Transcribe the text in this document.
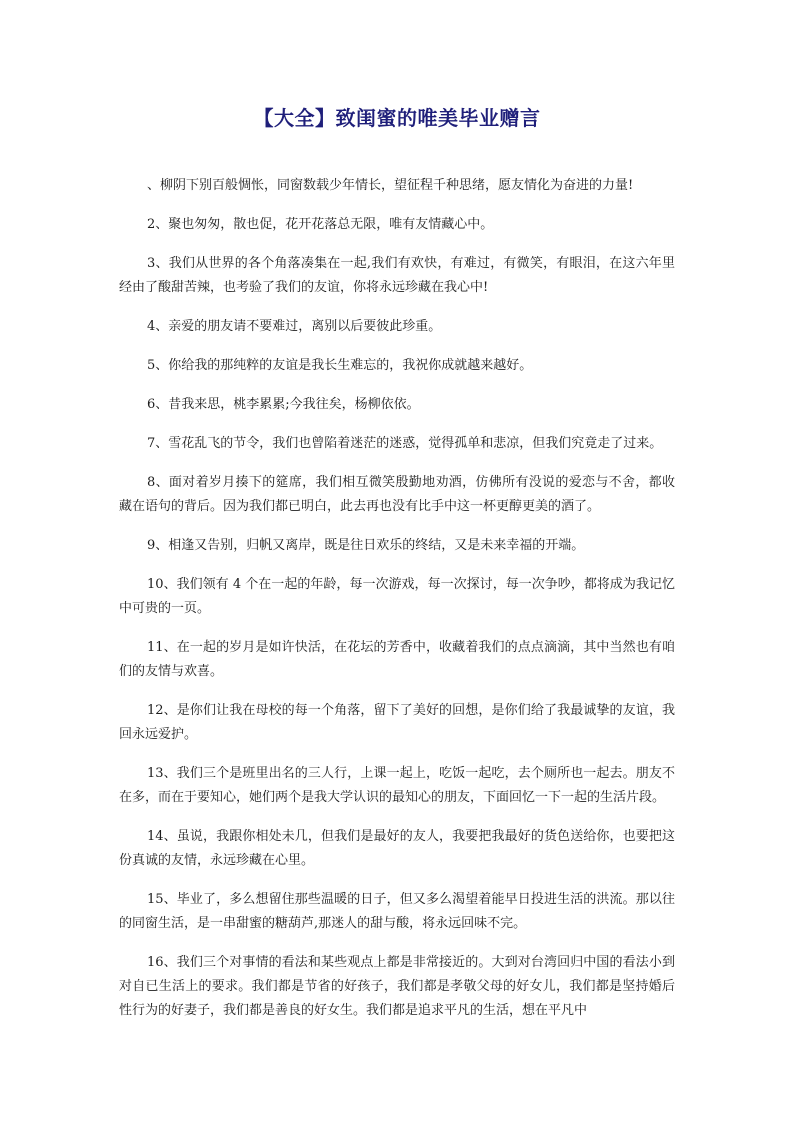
【大全】致闺蜜的唯美毕业赠言

、柳阴下别百般惆怅，同窗数载少年情长，望征程千种思绪，愿友情化为奋进的力量!

2、聚也匆匆，散也促，花开花落总无限，唯有友情藏心中。

3、我们从世界的各个角落凑集在一起,我们有欢快，有难过，有微笑，有眼泪，在这六年里经由了酸甜苦辣，也考验了我们的友谊，你将永远珍藏在我心中!

4、亲爱的朋友请不要难过，离别以后要彼此珍重。

5、你给我的那纯粹的友谊是我长生难忘的，我祝你成就越来越好。

6、昔我来思，桃李累累;今我往矣，杨柳依依。

7、雪花乱飞的节令，我们也曾陷着迷茫的迷惑，觉得孤单和悲凉，但我们究竟走了过来。

8、面对着岁月揍下的筵席，我们相互微笑殷勤地劝酒，仿佛所有没说的爱恋与不舍，都收藏在语句的背后。因为我们都已明白，此去再也没有比手中这一杯更醇更美的酒了。

9、相逢又告别，归帆又离岸，既是往日欢乐的终结，又是未来幸福的开端。

10、我们领有 4 个在一起的年龄，每一次游戏，每一次探讨，每一次争吵，都将成为我记忆中可贵的一页。

11、在一起的岁月是如许快活，在花坛的芳香中，收藏着我们的点点滴滴，其中当然也有咱们的友情与欢喜。

12、是你们让我在母校的每一个角落，留下了美好的回想，是你们给了我最诚挚的友谊，我回永远爱护。

13、我们三个是班里出名的三人行，上课一起上，吃饭一起吃，去个厕所也一起去。朋友不在多，而在于要知心，她们两个是我大学认识的最知心的朋友，下面回忆一下一起的生活片段。

14、虽说，我跟你相处未几，但我们是最好的友人，我要把我最好的货色送给你，也要把这份真诚的友情，永远珍藏在心里。

15、毕业了，多么想留住那些温暖的日子，但又多么渴望着能早日投进生活的洪流。那以往的同窗生活，是一串甜蜜的糖葫芦,那迷人的甜与酸，将永远回味不完。

16、我们三个对事情的看法和某些观点上都是非常接近的。大到对台湾回归中国的看法小到对自已生活上的要求。我们都是节省的好孩子，我们都是孝敬父母的好女儿，我们都是坚持婚后性行为的好妻子，我们都是善良的好女生。我们都是追求平凡的生活，想在平凡中
